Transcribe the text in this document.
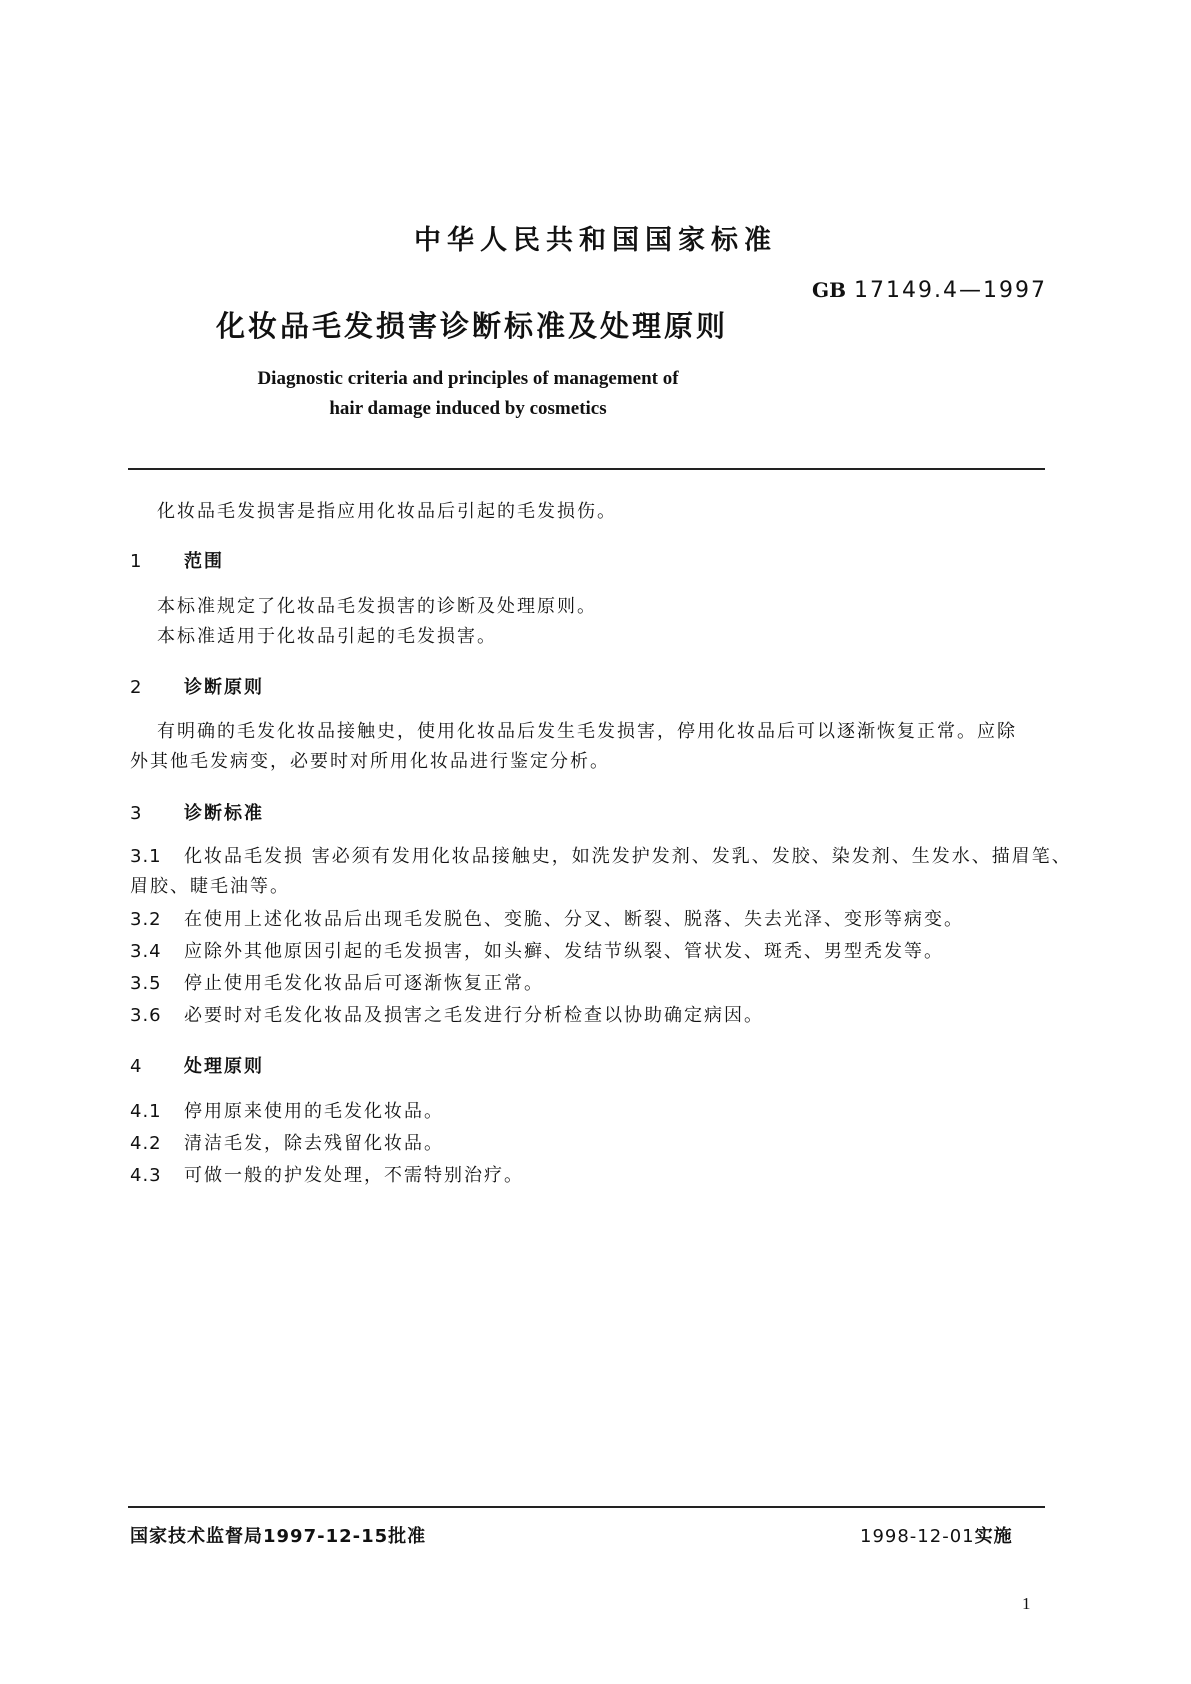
中华人民共和国国家标准
GB 17149.4—1997
化妆品毛发损害诊断标准及处理原则
Diagnostic criteria and principles of management of
hair damage induced by cosmetics
化妆品毛发损害是指应用化妆品后引起的毛发损伤。
1 范围
本标准规定了化妆品毛发损害的诊断及处理原则。
本标准适用于化妆品引起的毛发损害。
2 诊断原则
有明确的毛发化妆品接触史，使用化妆品后发生毛发损害，停用化妆品后可以逐渐恢复正常。应除
外其他毛发病变，必要时对所用化妆品进行鉴定分析。
3 诊断标准
3.1 化妆品毛发损 害必须有发用化妆品接触史，如洗发护发剂、发乳、发胶、染发剂、生发水、描眉笔、
眉胶、睫毛油等。
3.2 在使用上述化妆品后出现毛发脱色、变脆、分叉、断裂、脱落、失去光泽、变形等病变。
3.4 应除外其他原因引起的毛发损害，如头癣、发结节纵裂、管状发、斑秃、男型秃发等。
3.5 停止使用毛发化妆品后可逐渐恢复正常。
3.6 必要时对毛发化妆品及损害之毛发进行分析检查以协助确定病因。
4 处理原则
4.1 停用原来使用的毛发化妆品。
4.2 清洁毛发，除去残留化妆品。
4.3 可做一般的护发处理，不需特别治疗。
国家技术监督局1997-12-15批准	1998-12-01实施
1
